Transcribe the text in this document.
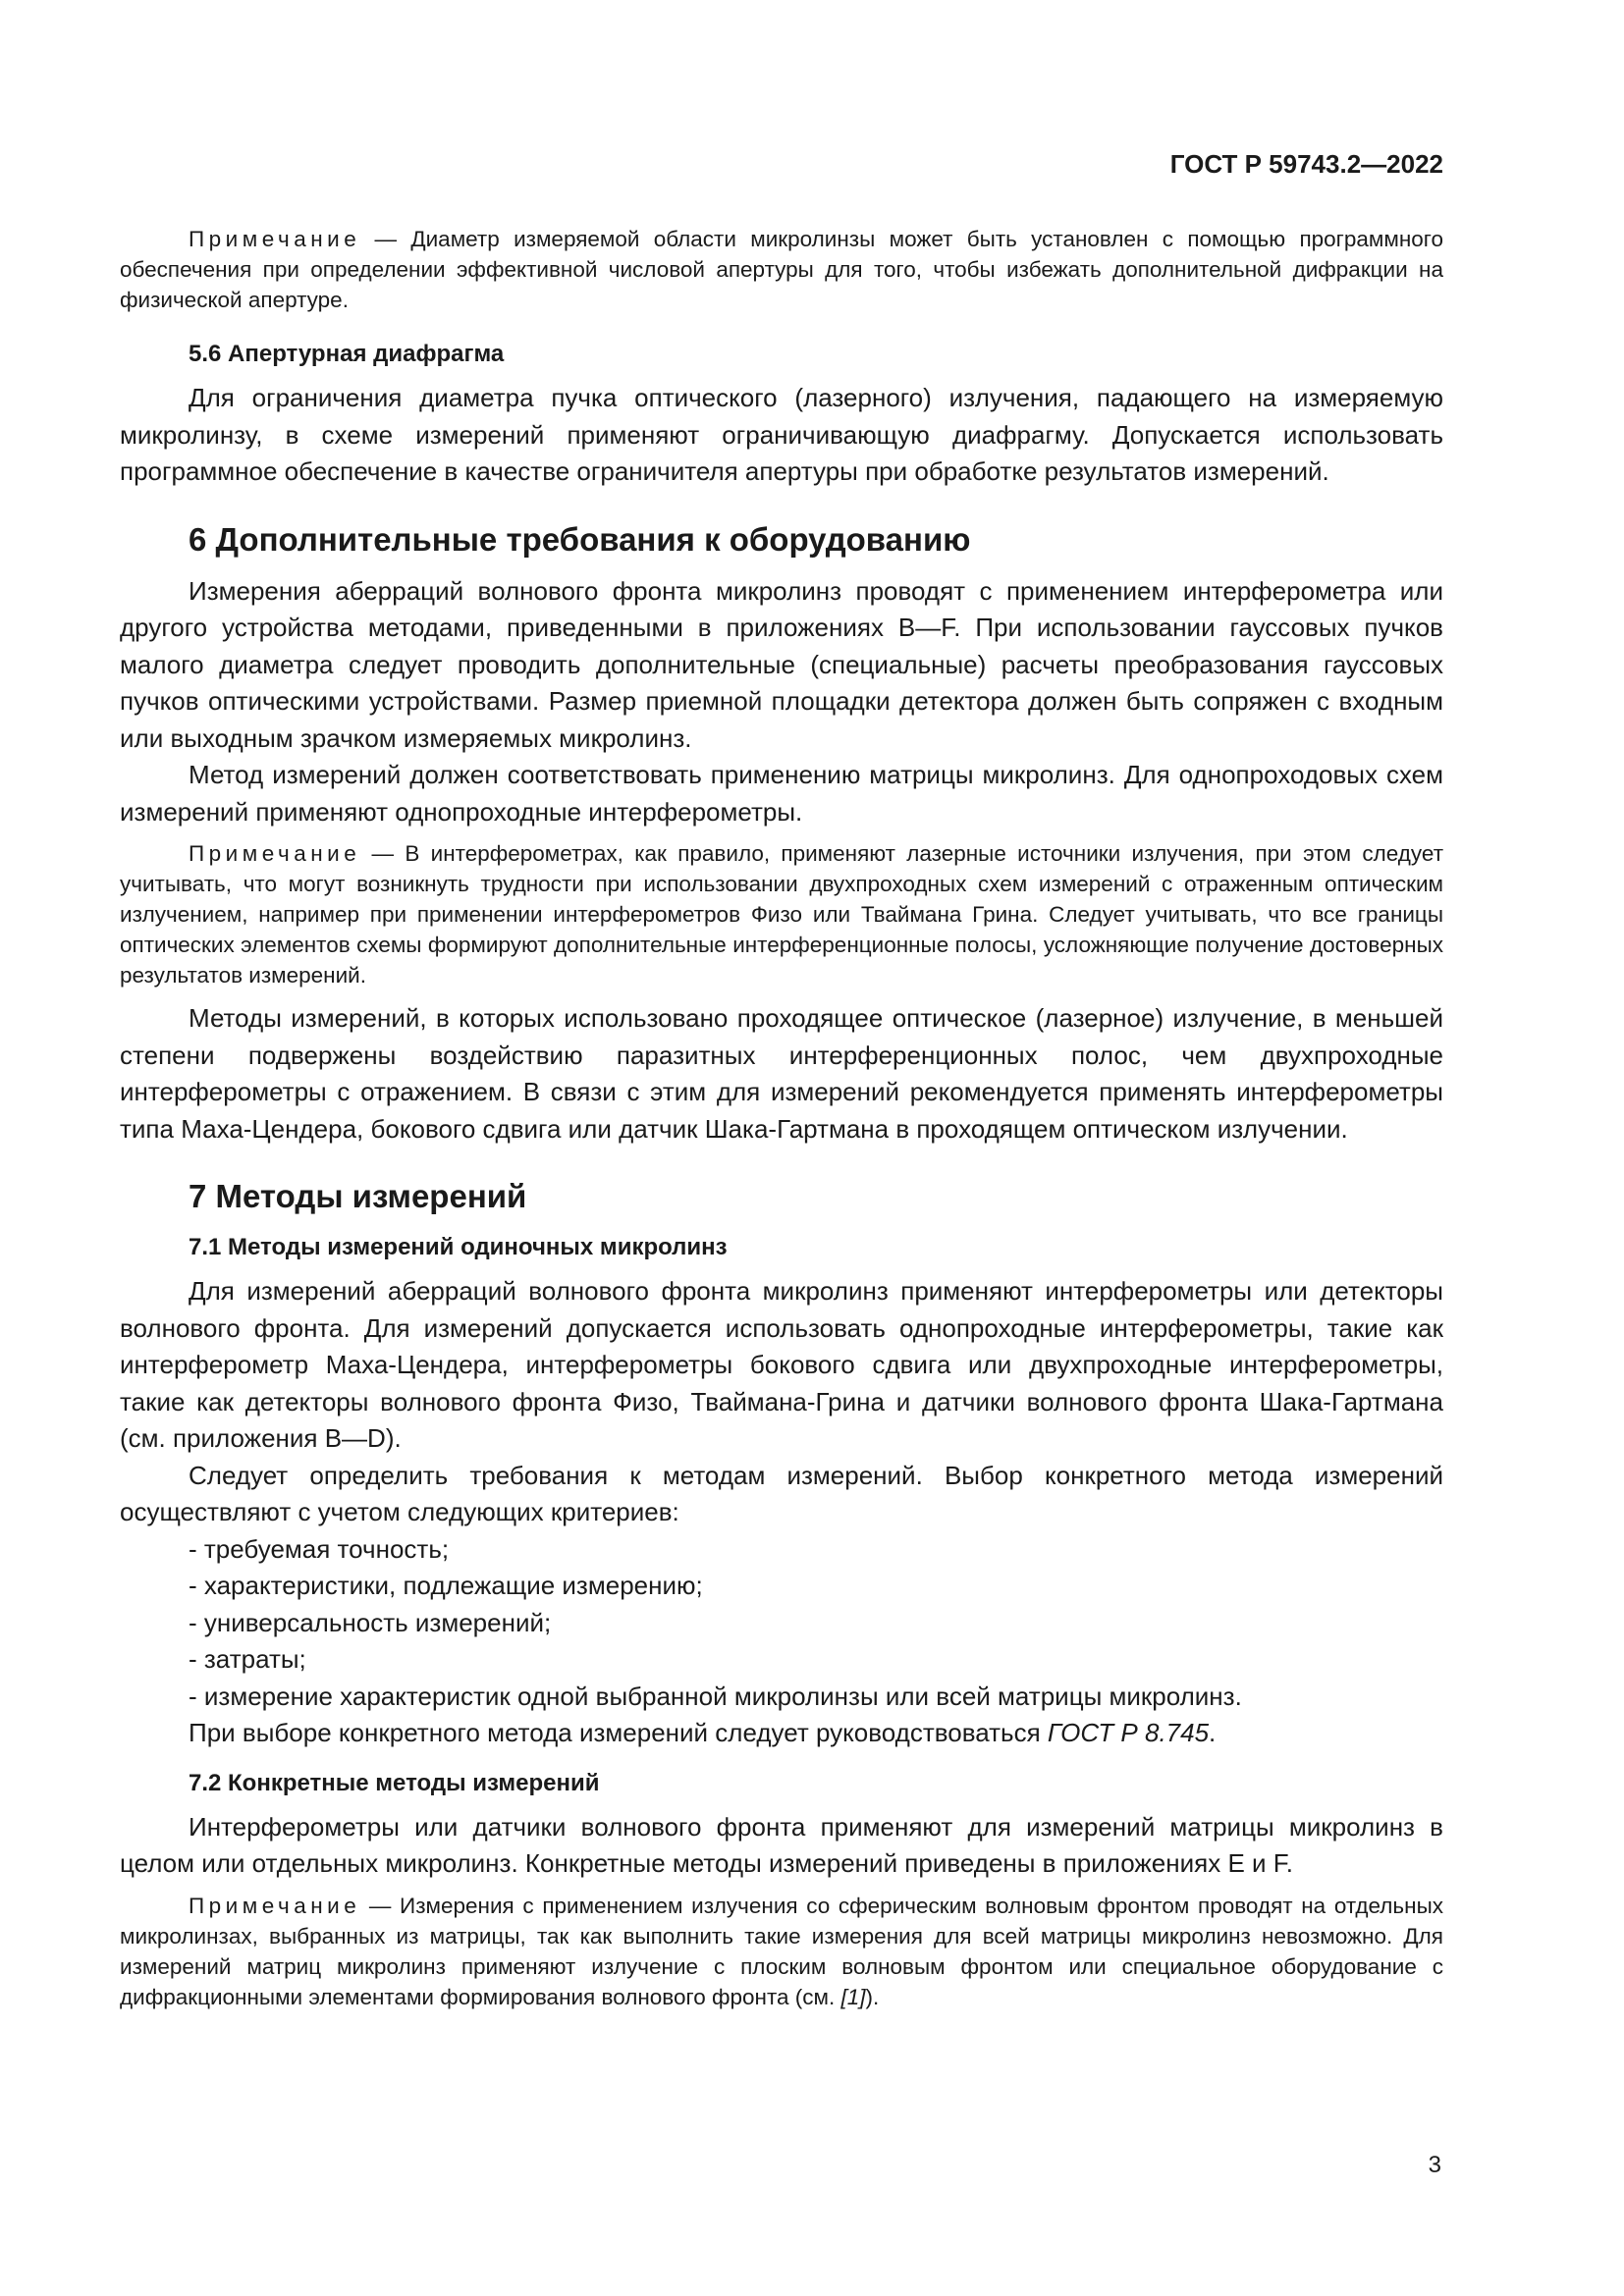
ГОСТ Р 59743.2—2022

Примечание — Диаметр измеряемой области микролинзы может быть установлен с помощью программного обеспечения при определении эффективной числовой апертуры для того, чтобы избежать дополнительной дифракции на физической апертуре.

5.6 Апертурная диафрагма

Для ограничения диаметра пучка оптического (лазерного) излучения, падающего на измеряемую микролинзу, в схеме измерений применяют ограничивающую диафрагму. Допускается использовать программное обеспечение в качестве ограничителя апертуры при обработке результатов измерений.

6 Дополнительные требования к оборудованию

Измерения аберраций волнового фронта микролинз проводят с применением интерферометра или другого устройства методами, приведенными в приложениях В—F. При использовании гауссовых пучков малого диаметра следует проводить дополнительные (специальные) расчеты преобразования гауссовых пучков оптическими устройствами. Размер приемной площадки детектора должен быть сопряжен с входным или выходным зрачком измеряемых микролинз.

Метод измерений должен соответствовать применению матрицы микролинз. Для однопроходовых схем измерений применяют однопроходные интерферометры.

Примечание — В интерферометрах, как правило, применяют лазерные источники излучения, при этом следует учитывать, что могут возникнуть трудности при использовании двухпроходных схем измерений с отраженным оптическим излучением, например при применении интерферометров Физо или Тваймана Грина. Следует учитывать, что все границы оптических элементов схемы формируют дополнительные интерференционные полосы, усложняющие получение достоверных результатов измерений.

Методы измерений, в которых использовано проходящее оптическое (лазерное) излучение, в меньшей степени подвержены воздействию паразитных интерференционных полос, чем двухпроходные интерферометры с отражением. В связи с этим для измерений рекомендуется применять интерферометры типа Маха-Цендера, бокового сдвига или датчик Шака-Гартмана в проходящем оптическом излучении.

7 Методы измерений
7.1 Методы измерений одиночных микролинз

Для измерений аберраций волнового фронта микролинз применяют интерферометры или детекторы волнового фронта. Для измерений допускается использовать однопроходные интерферометры, такие как интерферометр Маха-Цендера, интерферометры бокового сдвига или двухпроходные интерферометры, такие как детекторы волнового фронта Физо, Тваймана-Грина и датчики волнового фронта Шака-Гартмана (см. приложения В—D).

Следует определить требования к методам измерений. Выбор конкретного метода измерений осуществляют с учетом следующих критериев:

- требуемая точность;
- характеристики, подлежащие измерению;
- универсальность измерений;
- затраты;
- измерение характеристик одной выбранной микролинзы или всей матрицы микролинз.

При выборе конкретного метода измерений следует руководствоваться ГОСТ Р 8.745.

7.2 Конкретные методы измерений

Интерферометры или датчики волнового фронта применяют для измерений матрицы микролинз в целом или отдельных микролинз. Конкретные методы измерений приведены в приложениях E и F.

Примечание — Измерения с применением излучения со сферическим волновым фронтом проводят на отдельных микролинзах, выбранных из матрицы, так как выполнить такие измерения для всей матрицы микролинз невозможно. Для измерений матриц микролинз применяют излучение с плоским волновым фронтом или специальное оборудование с дифракционными элементами формирования волнового фронта (см. [1]).

3
